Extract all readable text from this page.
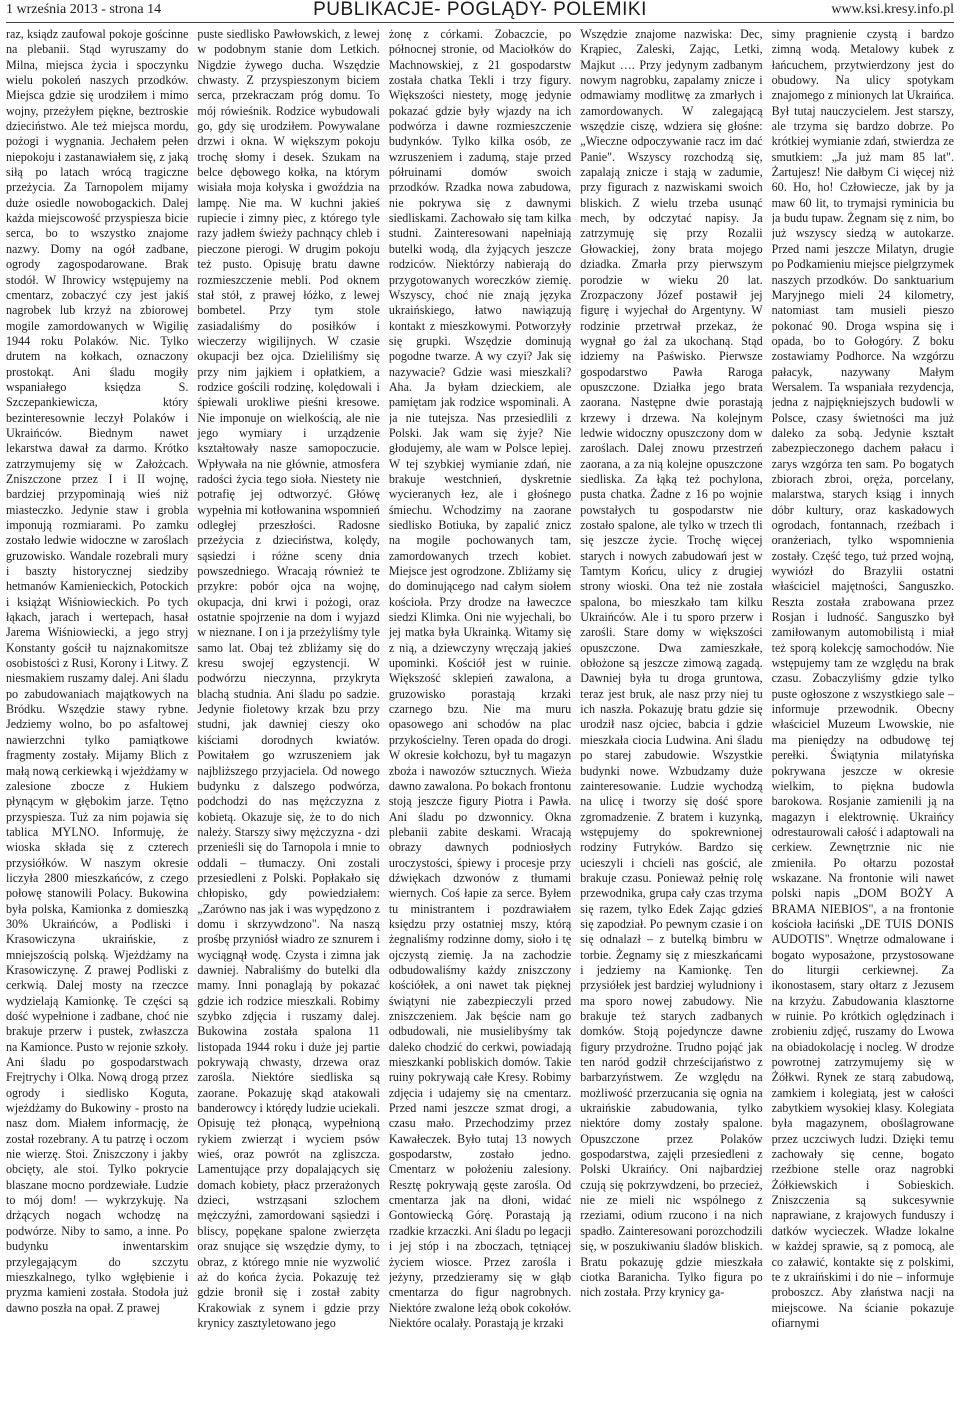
1 września 2013 - strona 14	PUBLIKACJE- POGLĄDY- POLEMIKI	www.ksi.kresy.info.pl

raz, ksiądz zaufowal pokoje gościnne na plebanii. Stąd wyruszamy do Milna, miejsca życia i spoczynku wielu pokoleń naszych przodków. Miejsca gdzie się urodziłem i mimo wojny, przeżyłem piękne, beztroskie dzieciństwo. Ale też miejsca mordu, pożogi i wygnania. Jechałem pełen niepokoju i zastanawiałem się, z jaką siłą po latach wrócą tragiczne przeżycia. Za Tarnopolem mijamy duże osiedle nowobogackich. Dalej każda miejscowość przyspiesza bicie serca, bo to wszystko znajome nazwy. Domy na ogół zadbane, ogrody zagospodarowane. Brak stodół. W Ihrowicy wstępujemy na cmentarz, zobaczyć czy jest jakiś nagrobek lub krzyż na zbiorowej mogile zamordowanych w Wigilię 1944 roku Polaków. Nic. Tylko drutem na kołkach, oznaczony prostokąt. Ani śladu mogiły wspaniałego księdza S. Szczepankiewicza, który bezinteresownie leczył Polaków i Ukraińców. Biednym nawet lekarstwa dawał za darmo. Krótko zatrzymujemy się w Założcach. Zniszczone przez I i II wojnę, bardziej przypominają wieś niż miasteczko. Jedynie staw i grobla imponują rozmiarami. Po zamku zostało ledwie widoczne w zaroślach gruzowisko. Wandale rozebrali mury i baszty historycznej siedziby hetmanów Kamienieckich, Potockich i książąt Wiśniowieckich. Po tych łąkach, jarach i wertepach, hasał Jarema Wiśniowiecki, a jego stryj Konstanty gościł tu najznakomitsze osobistości z Rusi, Korony i Litwy. Z niesmakiem ruszamy dalej. Ani śladu po zabudowaniach majątkowych na Bródku. Wszędzie stawy rybne. Jedziemy wolno, bo po asfaltowej nawierzchni tylko pamiątkowe fragmenty zostały. Mijamy Blich z małą nową cerkiewką i wjeżdżamy w zalesione zbocze z Hukiem płynącym w głębokim jarze. Tętno przyspiesza. Tuż za nim pojawia się tablica MYLNO. Informuję, że wioska składa się z czterech przysiółków. W naszym okresie liczyła 2800 mieszkańców, z czego połowę stanowili Polacy. Bukowina była polska, Kamionka z domieszką 30% Ukraińców, a Podliski i Krasowiczyna ukraińskie, z mniejszością polską. Wjeżdżamy na Krasowiczynę. Z prawej Podliski z cerkwią. Dalej mosty na rzeczce wydzielają Kamionkę. Te części są dość wypełnione i zadbane, choć nie brakuje przerw i pustek, zwłaszcza na Kamionce. Pusto w rejonie szkoły. Ani śladu po gospodarstwach Frejtrychy i Olka. Nową drogą przez ogrody i siedlisko Koguta, wjeżdżamy do Bukowiny - prosto na nasz dom. Miałem informację, że został rozebrany. A tu patrzę i oczom nie wierzę. Stoi. Zniszczony i jakby obcięty, ale stoi. Tylko pokrycie blaszane mocno pordzewiałe. Ludzie to mój dom! — wykrzykuję. Na drżących nogach wchodzę na podwórze. Niby to samo, a inne. Po budynku inwentarskim przylegającym do szczytu mieszkalnego, tylko wgłębienie i pryzma kamieni została. Stodoła już dawno poszła na opał. Z prawej

puste siedlisko Pawłowskich, z lewej w podobnym stanie dom Letkich. Nigdzie żywego ducha. Wszędzie chwasty. Z przyspieszonym biciem serca, przekraczam próg domu. To mój rówieśnik. Rodzice wybudowali go, gdy się urodziłem. Powywalane drzwi i okna. W większym pokoju trochę słomy i desek. Szukam na belce dębowego kołka, na którym wisiała moja kołyska i gwoździa na lampę. Nie ma. W kuchni jakieś rupiecie i zimny piec, z którego tyle razy jadłem świeży pachnący chleb i pieczone pierogi. W drugim pokoju też pusto. Opisuję bratu dawne rozmieszczenie mebli. Pod oknem stał stół, z prawej łóżko, z lewej bombetel. Przy tym stole zasiadaliśmy do posiłków i wieczerzy wigilijnych. W czasie okupacji bez ojca. Dzieliliśmy się przy nim jajkiem i opłatkiem, a rodzice gościli rodzinę, kolędowali i śpiewali urokliwe pieśni kresowe. Nie imponuje on wielkością, ale nie jego wymiary i urządzenie kształtowały nasze samopoczucie. Wpływała na nie głównie, atmosfera radości życia tego sioła. Niestety nie potrafię jej odtworzyć. Główę wypełnia mi kotłowanina wspomnień odległej przeszłości. Radosne przeżycia z dzieciństwa, kolędy, sąsiedzi i różne sceny dnia powszedniego. Wracają również te przykre: pobór ojca na wojnę, okupacja, dni krwi i pożogi, oraz ostatnie spojrzenie na dom i wyjazd w nieznane. I on i ja przeżyliśmy tyle samo lat. Obaj też zbliżamy się do kresu swojej egzystencji. W podwórzu nieczynna, przykryta blachą studnia. Ani śladu po sadzie. Jedynie fioletowy krzak bzu przy studni, jak dawniej cieszy oko kiściami dorodnych kwiatów. Powitałem go wzruszeniem jak najbliższego przyjaciela. Od nowego budynku z dalszego podwórza, podchodzi do nas mężczyzna z kobietą. Okazuje się, że to do nich należy. Starszy siwy mężczyzna - dzi przenieśli się do Tarnopola i mnie to oddali – tłumaczy. Oni zostali przesiedleni z Polski. Popłakało się chłopisko, gdy powiedziałem: „Zarówno nas jak i was wypędzono z domu i skrzywdzono". Na naszą prośbę przyniósł wiadro ze sznurem i wyciągnął wodę. Czysta i zimna jak dawniej. Nabraliśmy do butelki dla mamy. Inni ponaglają by pokazać gdzie ich rodzice mieszkali. Robimy szybko zdjęcia i ruszamy dalej. Bukowina została spalona 11 listopada 1944 roku i duże jej partie pokrywają chwasty, drzewa oraz zarośla. Niektóre siedliska są zaorane. Pokazuję skąd atakowali banderowcy i którędy ludzie uciekali. Opisuję też płonącą, wypełnioną rykiem zwierząt i wyciem psów wieś, oraz powrót na zgliszcza. Lamentujące przy dopalających się domach kobiety, płacz przerażonych dzieci, wstrząsani szlochem mężczyźni, zamordowani sąsiedzi i bliscy, popękane spalone zwierzęta oraz snujące się wszędzie dymy, to obraz, z którego mnie nie wyzwolić aż do końca życia. Pokazuję też gdzie bronił się i został zabity Krakowiak z synem i gdzie przy krynicy zasztyletowano jego

żonę z córkami. Zobaczcie, po północnej stronie, od Maciołków do Machnowskiej, z 21 gospodarstw została chatka Tekli i trzy figury. Większości niestety, mogę jedynie pokazać gdzie były wjazdy na ich podwórza i dawne rozmieszczenie budynków. Tylko kilka osób, ze wzruszeniem i zadumą, staje przed półruinami domów swoich przodków. Rzadka nowa zabudowa, nie pokrywa się z dawnymi siedliskami. Zachowało się tam kilka studni. Zainteresowani napełniają butelki wodą, dla żyjących jeszcze rodziców. Niektórzy nabierają do przygotowanych woreczków ziemię. Wszyscy, choć nie znają języka ukraińskiego, łatwo nawiązują kontakt z mieszkowymi. Potworzyły się grupki. Wszędzie dominują pogodne twarze. A wy czyi? Jak się nazywacie? Gdzie wasi mieszkali? Aha. Ja byłam dzieckiem, ale pamiętam jak rodzice wspominali. A ja nie tutejsza. Nas przesiedlili z Polski. Jak wam się żyje? Nie głodujemy, ale wam w Polsce lepiej. W tej szybkiej wymianie zdań, nie brakuje westchnień, dyskretnie wycieranych łez, ale i głośnego śmiechu. Wchodzimy na zaorane siedlisko Botiuka, by zapalić znicz na mogile pochowanych tam, zamordowanych trzech kobiet. Miejsce jest ogrodzone. Zbliżamy się do dominującego nad całym siołem kościoła. Przy drodze na ławeczce siedzi Klimka. Oni nie wyjechali, bo jej matka była Ukrainką. Witamy się z nią, a dziewczyny wręczają jakieś upominki. Kościół jest w ruinie. Większość sklepień zawalona, a gruzowisko porastają krzaki czarnego bzu. Nie ma muru opasowego ani schodów na plac przykościelny. Teren opada do drogi. W okresie kołchozu, był tu magazyn zboża i nawozów sztucznych. Wieża dawno zawalona. Po bokach frontonu stoją jeszcze figury Piotra i Pawła. Ani śladu po dzwonnicy. Okna plebanii zabite deskami. Wracają obrazy dawnych podniosłych uroczystości, śpiewy i procesje przy dźwiękach dzwonów z tłumami wiernych. Coś łapie za serce. Byłem tu ministrantem i pozdrawiałem księdzu przy ostatniej mszy, którą żegnaliśmy rodzinne domy, sioło i tę ojczystą ziemię. Ja na zachodzie odbudowaliśmy każdy zniszczony kościółek, a oni nawet tak pięknej świątyni nie zabezpieczyli przed zniszczeniem. Jak bęście nam go odbudowali, nie musielibyśmy tak daleko chodzić do cerkwi, powiadają mieszkanki pobliskich domów. Takie ruiny pokrywają całe Kresy. Robimy zdjęcia i udajemy się na cmentarz. Przed nami jeszcze szmat drogi, a czasu mało. Przechodzimy przez Kawałeczek. Było tutaj 13 nowych gospodarstw, zostało jedno. Cmentarz w położeniu zalesiony. Resztę pokrywają gęste zarośla. Od cmentarza jak na dłoni, widać Gontowiecką Górę. Porastają ją rzadkie krzaczki. Ani śladu po legacji i jej stóp i na zboczach, tętniącej życiem wiosce. Przez zarośla i jeżyny, przedzieramy się w głąb cmentarza do figur nagrobnych. Niektóre zwalone leżą obok cokołów. Niektóre ocalały. Porastają je krzaki

Wszędzie znajome nazwiska: Dec, Krąpiec, Zaleski, Zając, Letki, Majkut …. Przy jedynym zadbanym nowym nagrobku, zapalamy znicze i odmawiamy modlitwę za zmarłych i zamordowanych. W zalegającą wszędzie ciszę, wdziera się głośne: „Wieczne odpoczywanie racz im dać Panie". Wszyscy rozchodzą się, zapalają znicze i stają w zadumie, przy figurach z nazwiskami swoich bliskich. Z wielu trzeba usunąć mech, by odczytać napisy. Ja zatrzymuję się przy Rozalii Głowackiej, żony brata mojego dziadka. Zmarła przy pierwszym porodzie w wieku 20 lat. Zrozpaczony Józef postawił jej figurę i wyjechał do Argentyny. W rodzinie przetrwał przekaz, że wygnał go żal za ukochaną. Stąd idziemy na Paświsko. Pierwsze gospodarstwo Pawła Raroga opuszczone. Działka jego brata zaorana. Następne dwie porastają krzewy i drzewa. Na kolejnym ledwie widoczny opuszczony dom w zaroślach. Dalej znowu przestrzeń zaorana, a za nią kolejne opuszczone siedliska. Za łąką też pochylona, pusta chatka. Żadne z 16 po wojnie powstałych tu gospodarstw nie zostało spalone, ale tylko w trzech tli się jeszcze życie. Trochę więcej starych i nowych zabudowań jest w Tamtym Końcu, ulicy z drugiej strony wioski. Ona też nie została spalona, bo mieszkało tam kilku Ukraińców. Ale i tu sporo przerw i zarośli. Stare domy w większości opuszczone. Dwa zamieszkałe, obłożone są jeszcze zimową zagadą. Dawniej była tu droga gruntowa, teraz jest bruk, ale nasz przy niej tu ich naszła. Pokazuję bratu gdzie się urodził nasz ojciec, babcia i gdzie mieszkała ciocia Ludwina. Ani śladu po starej zabudowie. Wszystkie budynki nowe. Wzbudzamy duże zainteresowanie. Ludzie wychodzą na ulicę i tworzy się dość spore zgromadzenie. Z bratem i kuzynką, wstępujemy do spokrewnionej rodziny Futryków. Bardzo się ucieszyli i chcieli nas gościć, ale brakuje czasu. Ponieważ pełnię rolę przewodnika, grupa cały czas trzyma się razem, tylko Edek Zając gdzieś się zapodział. Po pewnym czasie i on się odnalazł – z butelką bimbru w torbie. Żegnamy się z mieszkańcami i jedziemy na Kamionkę. Ten przysiółek jest bardziej wyludniony i ma sporo nowej zabudowy. Nie brakuje też starych zadbanych domków. Stoją pojedyncze dawne figury przydrożne. Trudno pojąć jak ten naród godził chrześcijaństwo z barbarzyństwem. Ze względu na możliwość przerzucania się ogniа na ukraińskie zabudowania, tylko niektóre domy zostały spalone. Opuszczone przez Polaków gospodarstwa, zajęli przesiedleni z Polski Ukraińcy. Oni najbardziej czują się pokrzywdzeni, bo przecież, nie ze mieli nic wspólnego z rzeziami, odium rzucono i na nich spadło. Zainteresowani porozchodzili się, w poszukiwaniu śladów bliskich. Bratu pokazuję gdzie mieszkała ciotka Baranicha. Tylko figura po nich została. Przy krynicy ga-

simy pragnienie czystą i bardzo zimną wodą. Metalowy kubek z łańcuchem, przytwierdzony jest do obudowy. Na ulicy spotykam znajomego z minionych lat Ukraińca. Był tutaj nauczycielem. Jest starszy, ale trzyma się bardzo dobrze. Po krótkiej wymianie zdań, stwierdza ze smutkiem: „Ja już mam 85 lat". Żartujesz! Nie dałbym Ci więcej niż 60. Ho, ho! Człowiecze, jak by ja maw 60 lit, to trymajsi ryminicia bu ja budu tupaw. Żegnam się z nim, bo już wszyscy siedzą w autokarze. Przed nami jeszcze Milatyn, drugie po Podkamieniu miejsce pielgrzymek naszych przodków. Do sanktuarium Maryjnego mieli 24 kilometry, natomiast tam musieli pieszo pokonać 90. Droga wspina się i opada, bo to Gołogóry. Z boku zostawiamy Podhorce. Na wzgórzu pałacyk, nazywany Małym Wersalem. Ta wspaniała rezydencja, jedna z najpiękniejszych budowli w Polsce, czasy świetności ma już daleko za sobą. Jedynie kształt zabezpieczonego dachem pałacu i zarys wzgórza ten sam. Po bogatych zbiorach zbroi, oręża, porcelany, malarstwa, starych ksiąg i innych dóbr kultury, oraz kaskadowych ogrodach, fontannach, rzeźbach i oranżeriach, tylko wspomnienia zostały. Część tego, tuż przed wojną, wywiózł do Brazylii ostatni właściciel majętności, Sanguszko. Reszta została zrabowana przez Rosjan i ludność. Sanguszko był zamiłowanym automobilistą i miał też sporą kolekcję samochodów. Nie wstępujemy tam ze względu na brak czasu. Zobaczyliśmy gdzie tylko puste ogłoszone z wszystkiego sale – informuje przewodnik. Obecny właściciel Muzeum Lwowskie, nie ma pieniędzy na odbudowę tej perełki. Świątynia milatyńska pokrywana jeszcze w okresie wielkim, to piękna budowla barokowa. Rosjanie zamienili ją na magazyn i elektrownię. Ukraińcy odrestaurowali całość i adaptowali na cerkiew. Zewnętrznie nic nie zmieniła. Po ołtarzu pozostał wskazane. Na frontonie wili nawet polski napis „DOM BOŻY A BRAMA NIEBIOS", a na frontonie kościoła łaciński „DE TUIS DONIS AUDOTIS". Wnętrze odmalowane i bogato wyposażone, przystosowane do liturgii cerkiewnej. Za ikonostasem, stary ołtarz z Jezusem na krzyżu. Zabudowania klasztorne w ruinie. Po krótkich oględzinach i zrobieniu zdjęć, ruszamy do Lwowa na obiadokolację i nocleg. W drodze powrotnej zatrzymujemy się w Żółkwi. Rynek ze starą zabudową, zamkiem i kolegiatą, jest w całości zabytkiem wysokiej klasy. Kolegiata była magazynem, oboślagrowane przez uczciwych ludzi. Dzięki temu zachowały się cenne, bogato rzeźbione stelle oraz nagrobki Żółkiewskich i Sobieskich. Zniszczenia są sukcesywnie naprawiane, z krajowych funduszy i datków wycieczek. Władze lokalne w każdej sprawie, są z pomocą, ale co załawić, kontakte się z polskimi, te z ukraińskimi i do nie – informuje proboszcz. Aby złaństwa nacji na miejscowe. Na ścianie pokazuje ofiarnymi
